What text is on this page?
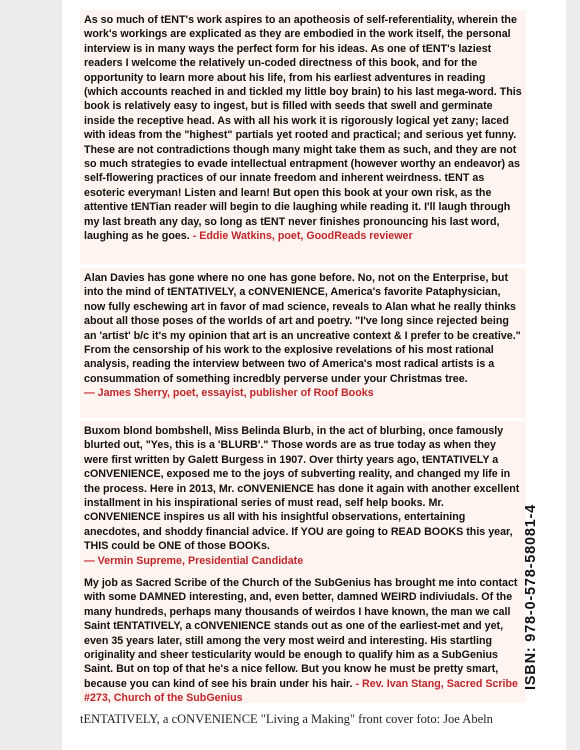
As so much of tENT's work aspires to an apotheosis of self-referentiality, wherein the work's workings are explicated as they are embodied in the work itself, the personal interview is in many ways the perfect form for his ideas. As one of tENT's laziest readers I welcome the relatively un-coded directness of this book, and for the opportunity to learn more about his life, from his earliest adventures in reading (which accounts reached in and tickled my little boy brain) to his last mega-word. This book is relatively easy to ingest, but is filled with seeds that swell and germinate inside the receptive head. As with all his work it is rigorously logical yet zany; laced with ideas from the "highest" partials yet rooted and practical; and serious yet funny. These are not contradictions though many might take them as such, and they are not so much strategies to evade intellectual entrapment (however worthy an endeavor) as self-flowering practices of our innate freedom and inherent weirdness. tENT as esoteric everyman! Listen and learn! But open this book at your own risk, as the attentive tENTian reader will begin to die laughing while reading it. I'll laugh through my last breath any day, so long as tENT never finishes pronouncing his last word, laughing as he goes. - Eddie Watkins, poet, GoodReads reviewer
Alan Davies has gone where no one has gone before. No, not on the Enterprise, but into the mind of tENTATIVELY, a cONVENIENCE, America's favorite Pataphysician, now fully eschewing art in favor of mad science, reveals to Alan what he really thinks about all those poses of the worlds of art and poetry. "I've long since rejected being an 'artist' b/c it's my opinion that art is an uncreative context & I prefer to be creative." From the censorship of his work to the explosive revelations of his most rational analysis, reading the interview between two of America's most radical artists is a consummation of something incredbly perverse under your Christmas tree.
— James Sherry, poet, essayist, publisher of Roof Books
Buxom blond bombshell, Miss Belinda Blurb, in the act of blurbing, once famously blurted out, "Yes, this is a 'BLURB'." Those words are as true today as when they were first written by Galett Burgess in 1907. Over thirty years ago, tENTATIVELY a cONVENIENCE, exposed me to the joys of subverting reality, and changed my life in the process. Here in 2013, Mr. cONVENIENCE has done it again with another excellent installment in his inspirational series of must read, self help books. Mr. cONVENIENCE inspires us all with his insightful observations, entertaining anecdotes, and shoddy financial advice. If YOU are going to READ BOOKS this year, THIS could be ONE of those BOOKs.
— Vermin Supreme, Presidential Candidate
My job as Sacred Scribe of the Church of the SubGenius has brought me into contact with some DAMNED interesting, and, even better, damned WEIRD indiviudals. Of the many hundreds, perhaps many thousands of weirdos I have known, the man we call Saint tENTATIVELY, a cONVENIENCE stands out as one of the earliest-met and yet, even 35 years later, still among the very most weird and interesting. His startling originality and sheer testicularity would be enough to qualify him as a SubGenius Saint. But on top of that he's a nice fellow. But you know he must be pretty smart, because you can kind of see his brain under his hair. - Rev. Ivan Stang, Sacred Scribe #273, Church of the SubGenius
tENTATIVELY, a cONVENIENCE "Living a Making" front cover foto: Joe Abeln
ISBN: 978-0-578-58081-4
